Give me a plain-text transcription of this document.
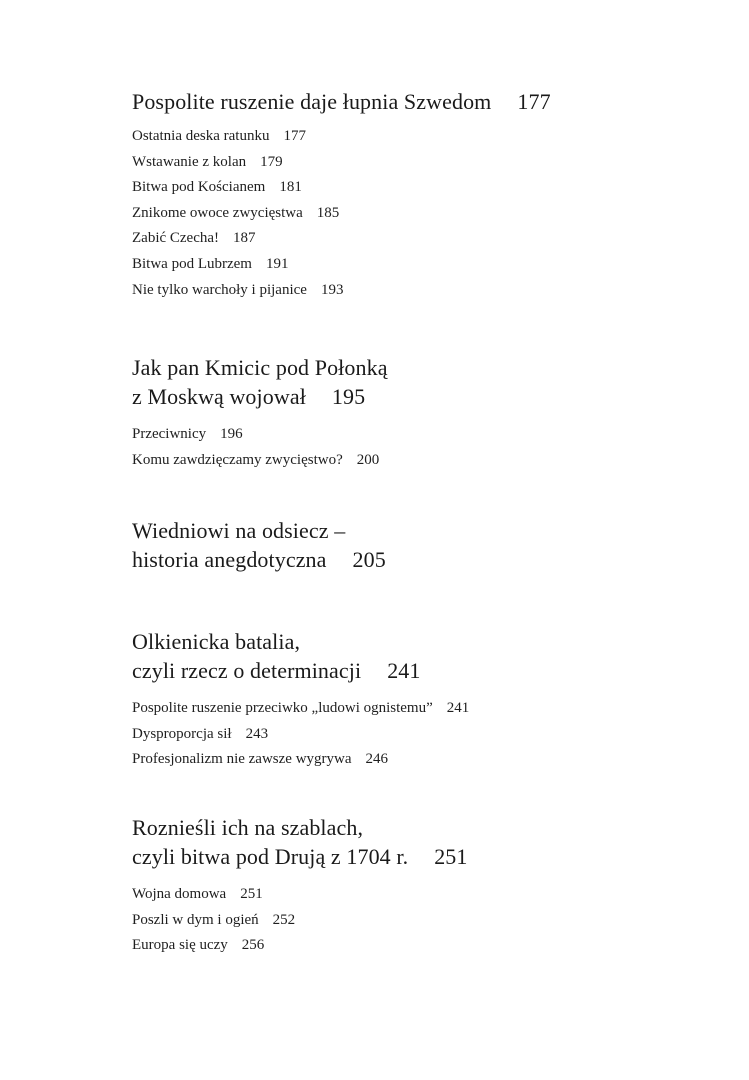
Pospolite ruszenie daje łupnia Szwedom 177
Ostatnia deska ratunku 177
Wstawanie z kolan 179
Bitwa pod Kościanem 181
Znikome owoce zwycięstwa 185
Zabić Czecha! 187
Bitwa pod Lubrzem 191
Nie tylko warchoły i pijanice 193
Jak pan Kmicic pod Połonką
z Moskwą wojował 195
Przeciwnicy 196
Komu zawdzięczamy zwycięstwo? 200
Wiedniowi na odsiecz –
historia anegdotyczna 205
Olkienicka batalia,
czyli rzecz o determinacji 241
Pospolite ruszenie przeciwko „ludowi ognistemu” 241
Dysproporcja sił 243
Profesjonalizm nie zawsze wygrywa 246
Roznieśli ich na szablach,
czyli bitwa pod Drują z 1704 r. 251
Wojna domowa 251
Poszli w dym i ogień 252
Europa się uczy 256
